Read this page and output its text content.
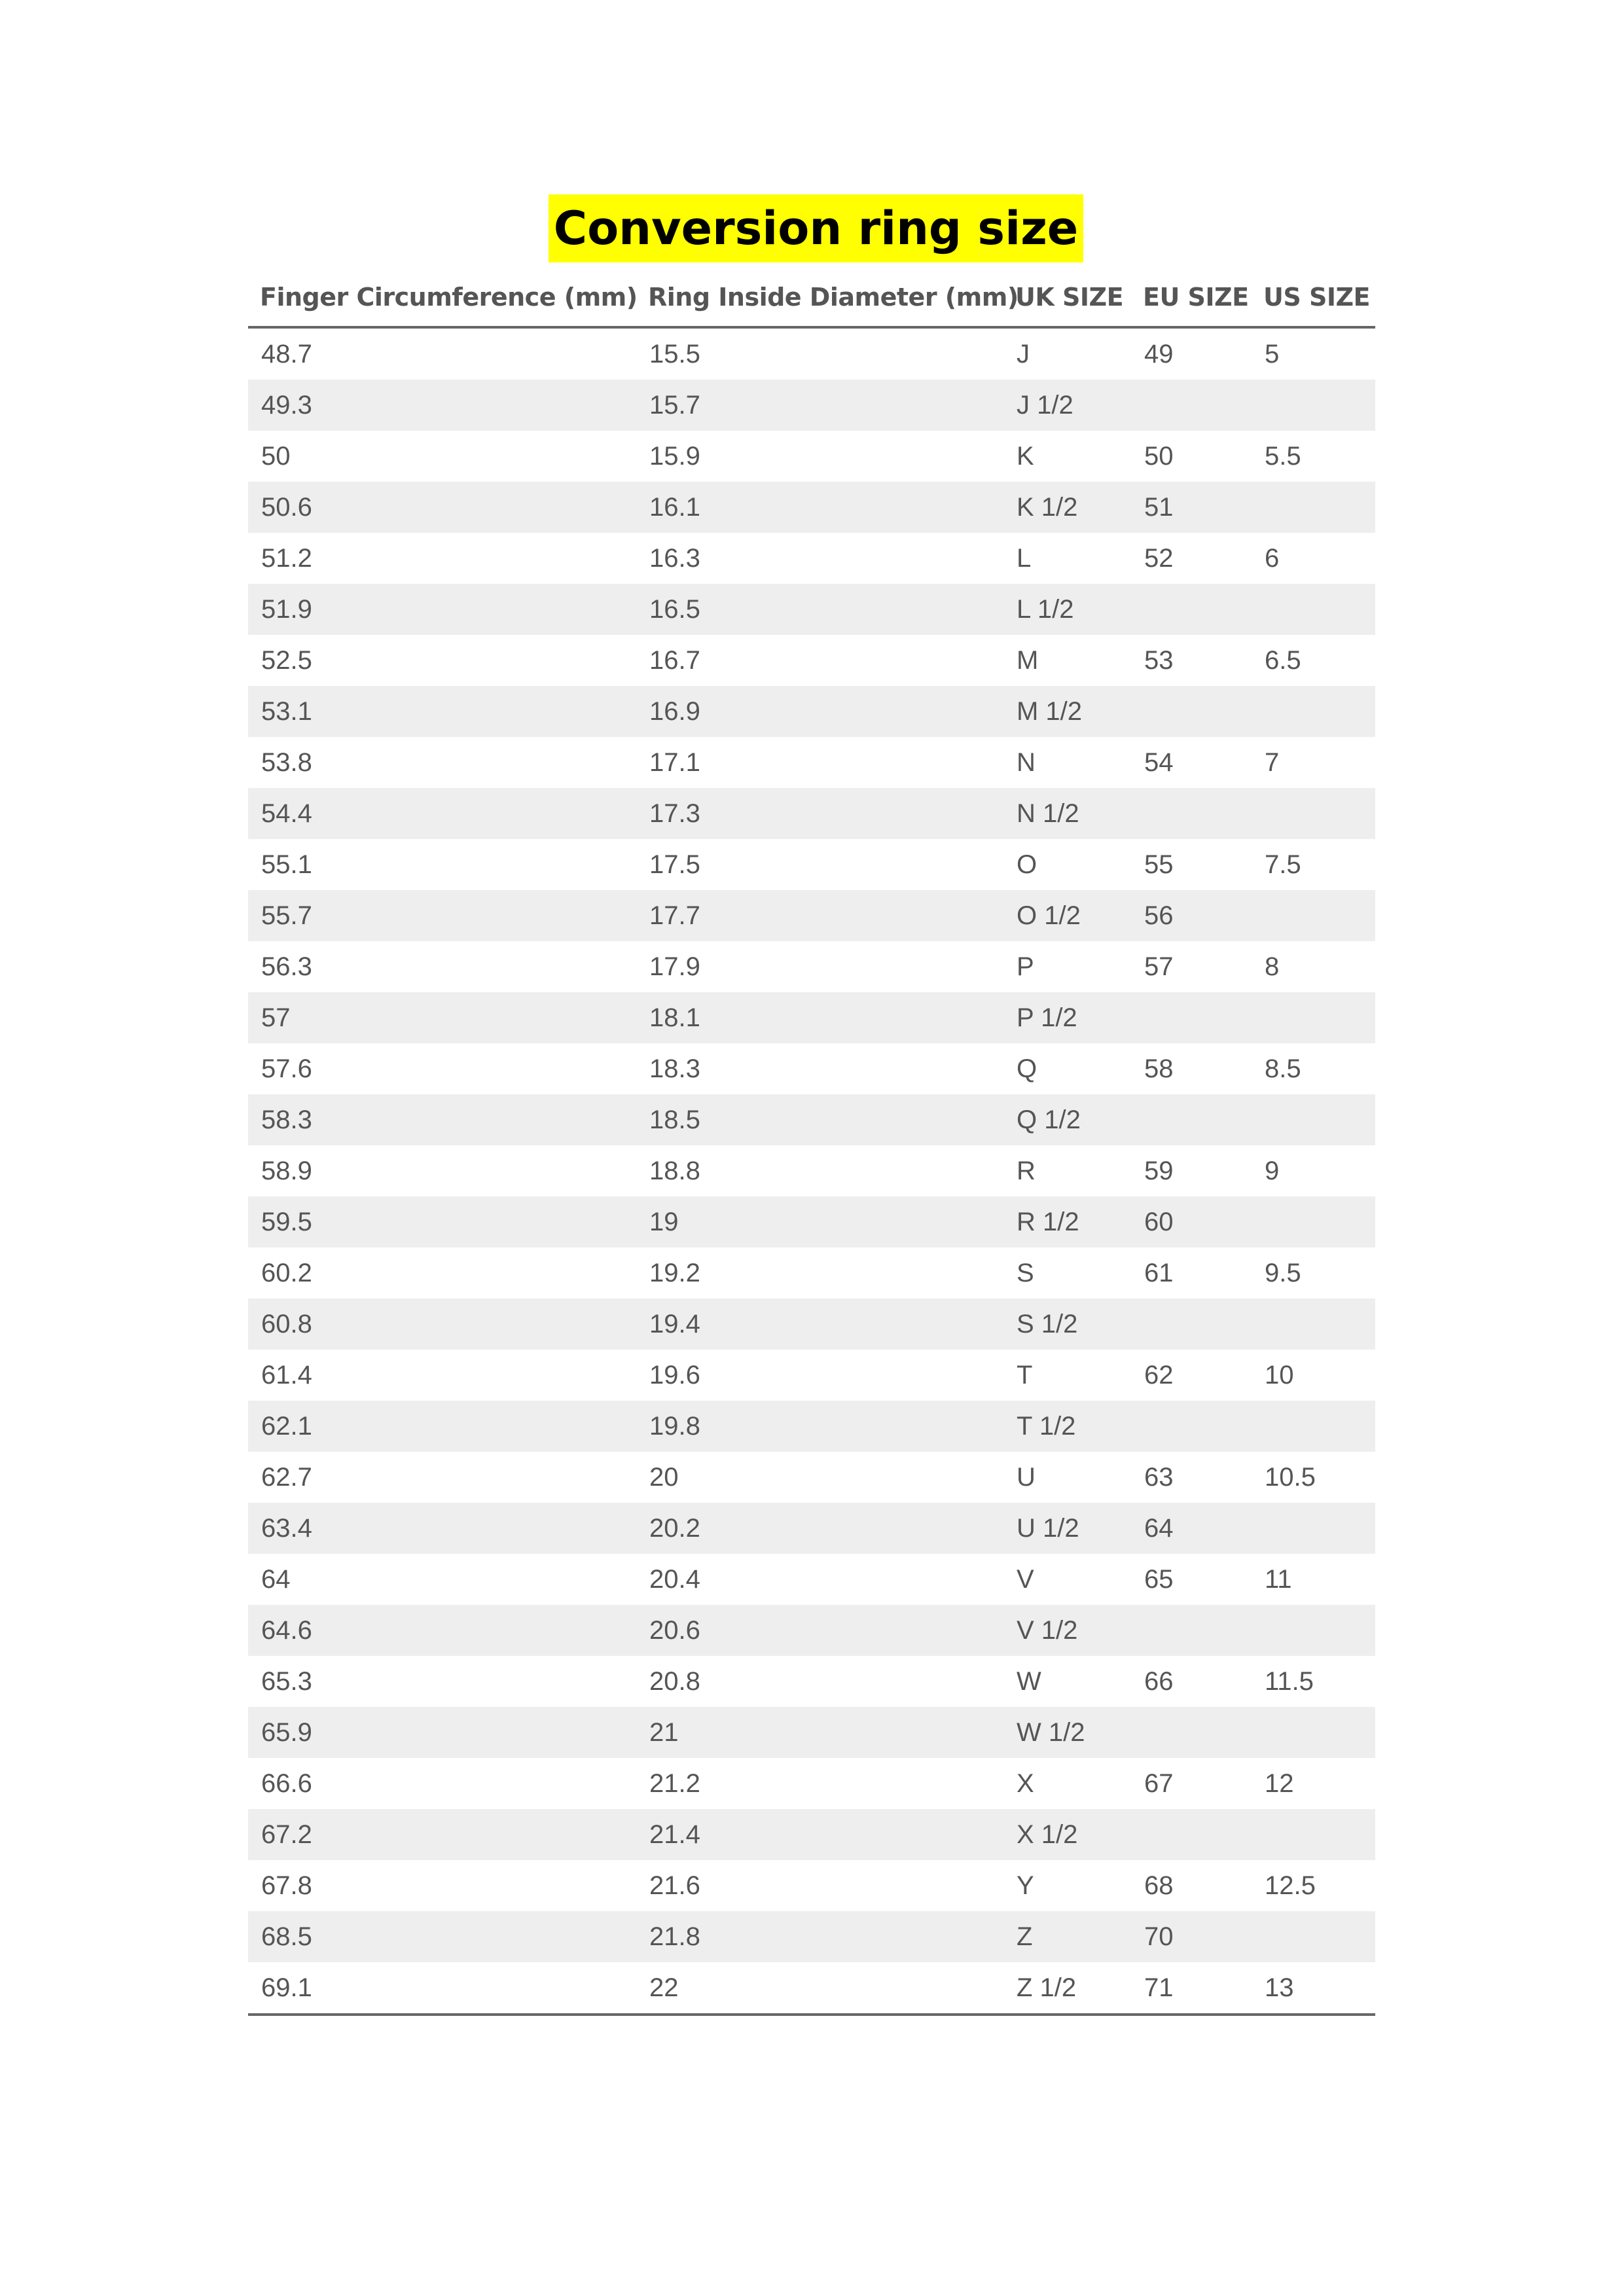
Conversion ring size
Finger Circumference (mm)	Ring Inside Diameter (mm)	UK SIZE	EU SIZE	US SIZE
48.7	15.5	J	49	5
49.3	15.7	J 1/2		
50	15.9	K	50	5.5
50.6	16.1	K 1/2	51	
51.2	16.3	L	52	6
51.9	16.5	L 1/2		
52.5	16.7	M	53	6.5
53.1	16.9	M 1/2		
53.8	17.1	N	54	7
54.4	17.3	N 1/2		
55.1	17.5	O	55	7.5
55.7	17.7	O 1/2	56	
56.3	17.9	P	57	8
57	18.1	P 1/2		
57.6	18.3	Q	58	8.5
58.3	18.5	Q 1/2		
58.9	18.8	R	59	9
59.5	19	R 1/2	60	
60.2	19.2	S	61	9.5
60.8	19.4	S 1/2		
61.4	19.6	T	62	10
62.1	19.8	T 1/2		
62.7	20	U	63	10.5
63.4	20.2	U 1/2	64	
64	20.4	V	65	11
64.6	20.6	V 1/2		
65.3	20.8	W	66	11.5
65.9	21	W 1/2		
66.6	21.2	X	67	12
67.2	21.4	X 1/2		
67.8	21.6	Y	68	12.5
68.5	21.8	Z	70	
69.1	22	Z 1/2	71	13
